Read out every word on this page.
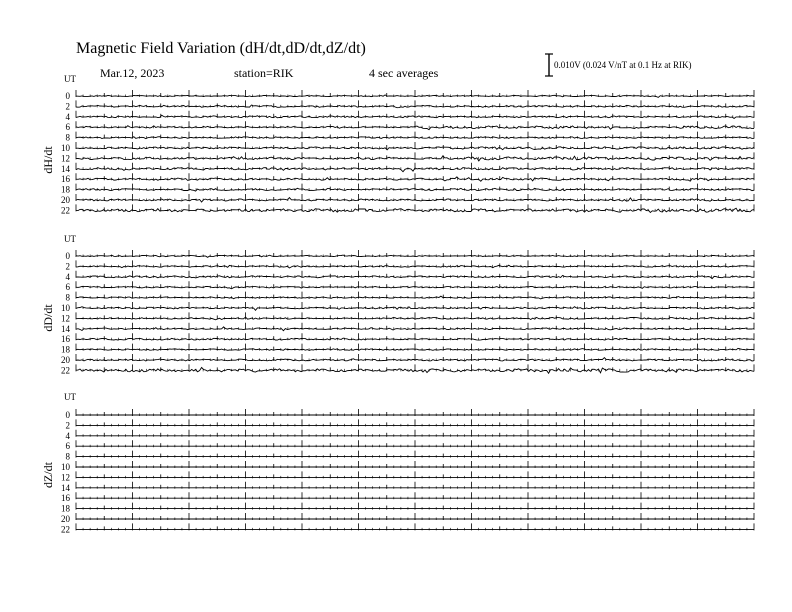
Magnetic Field Variation (dH/dt,dD/dt,dZ/dt)
Mar.12, 2023	station=RIK	4 sec averages
0.010V (0.024 V/nT at 0.1 Hz at RIK)
UT
dH/dt
0
2
4
6
8
10
12
14
16
18
20
22
UT
dD/dt
0
2
4
6
8
10
12
14
16
18
20
22
UT
dZ/dt
0
2
4
6
8
10
12
14
16
18
20
22
